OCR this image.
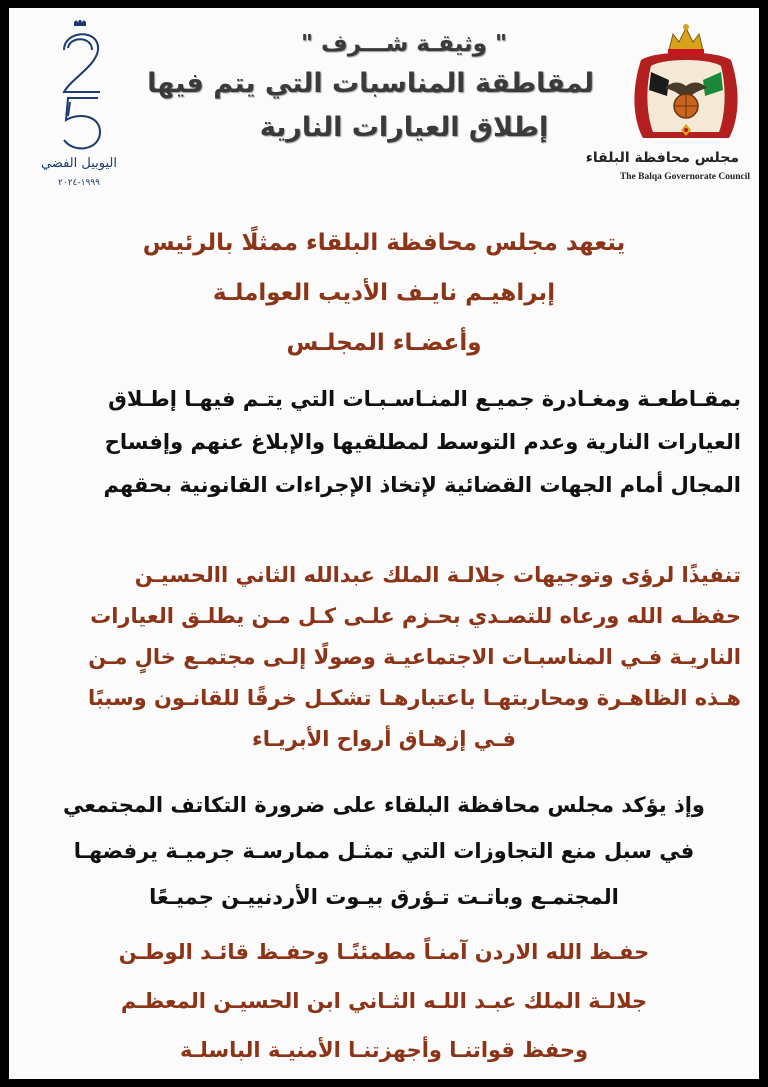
اليوبيل الفضي
١٩٩٩-٢٠٢٤
مجلس محافظة البلقاء
The Balqa Governorate Council
" وثيقـة شـــرف "
لمقاطقة المناسبات التي يتم فيها
إطلاق العيارات النارية
يتعهد مجلس محافظة البلقاء ممثلًا بالرئيس
إبراهيـم نايـف الأديب العواملـة
وأعضـاء المجلـس
بمقـاطعـة ومغـادرة جميـع المنـاسـبـات التي يتـم فيهـا إطـلاق
العيارات النارية وعدم التوسط لمطلقيها والإبلاغ عنهم وإفساح
المجال أمام الجهات القضائية لإتخاذ الإجراءات القانونية بحقهم
تنفيذًا لرؤى وتوجيهات جلالـة الملك عبدالله الثاني االحسيـن
حفظـه الله ورعاه للتصـدي بحـزم علـى كـل مـن يطلـق العيارات
الناريـة فـي المناسبـات الاجتماعيـة وصولًا إلـى مجتمـع خالٍ مـن
هـذه الظاهـرة ومحاربتهـا باعتبارهـا تشكـل خرقًا للقانـون وسببًا
فـي إزهـاق أرواح الأبريـاء
وإذ يؤكد مجلس محافظة البلقاء على ضرورة التكاتف المجتمعي
في سبل منع التجاوزات التي تمثـل ممارسـة جرميـة يرفضهـا
المجتمـع وباتـت تـؤرق بيـوت الأردنييـن جميـعًا
حفـظ الله الاردن آمنـاً مطمئنًـا وحفـظ قائـد الوطـن
جلالـة الملك عبـد اللـه الثـاني ابن الحسيـن المعظـم
وحفظ قواتنـا وأجهزتنـا الأمنيـة الباسلـة
